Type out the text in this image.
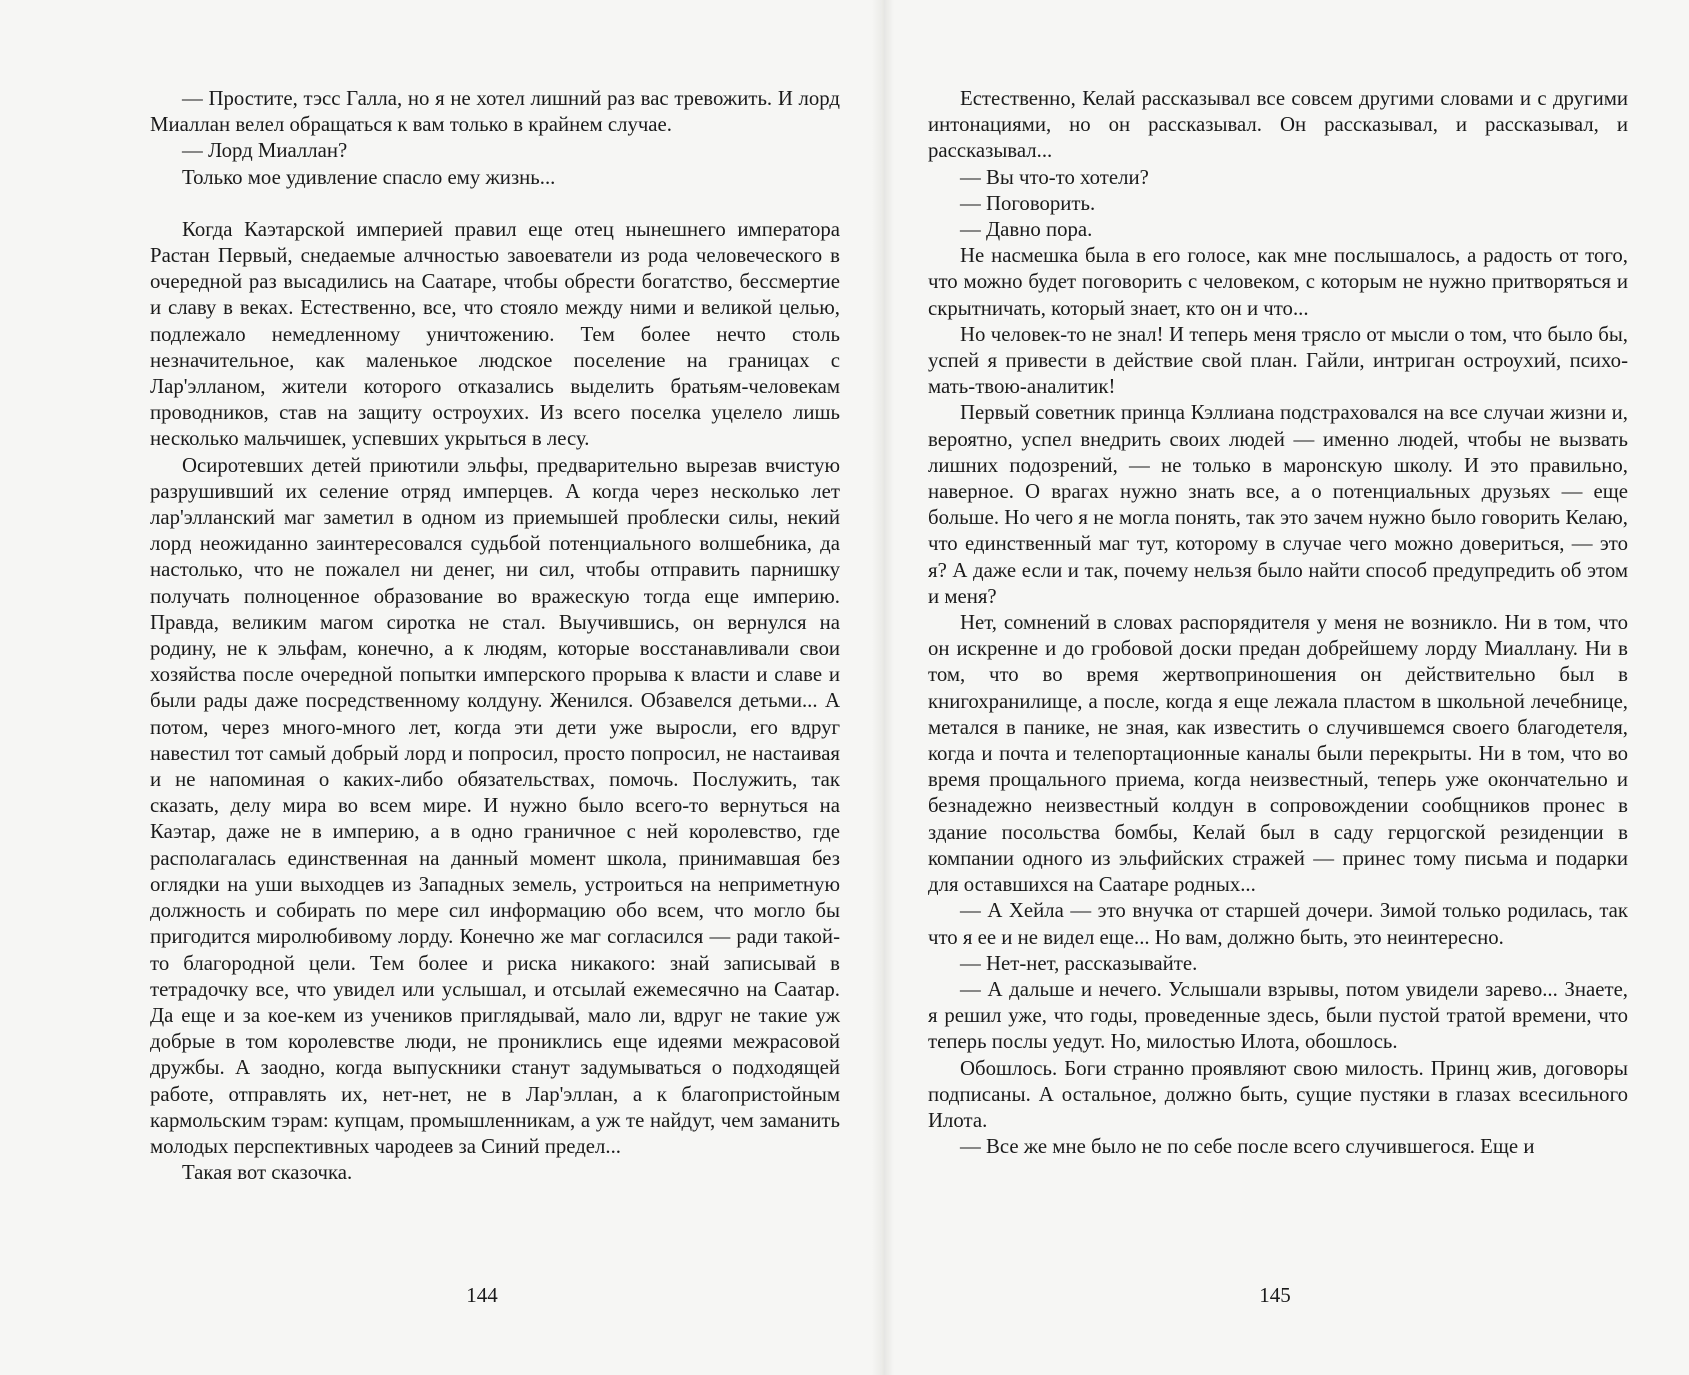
— Простите, тэсс Галла, но я не хотел лишний раз вас тревожить. И лорд Миаллан велел обращаться к вам только в крайнем случае.

— Лорд Миаллан?

Только мое удивление спасло ему жизнь...

Когда Каэтарской империей правил еще отец нынешнего императора Растан Первый, снедаемые алчностью завоеватели из рода человеческого в очередной раз высадились на Саатаре, чтобы обрести богатство, бессмертие и славу в веках. Естественно, все, что стояло между ними и великой целью, подлежало немедленному уничтожению. Тем более нечто столь незначительное, как маленькое людское поселение на границах с Лар'элланом, жители которого отказались выделить братьям-человекам проводников, став на защиту остроухих. Из всего поселка уцелело лишь несколько мальчишек, успевших укрыться в лесу.

Осиротевших детей приютили эльфы, предварительно вырезав вчистую разрушивший их селение отряд имперцев. А когда через несколько лет лар'элланский маг заметил в одном из приемышей проблески силы, некий лорд неожиданно заинтересовался судьбой потенциального волшебника, да настолько, что не пожалел ни денег, ни сил, чтобы отправить парнишку получать полноценное образование во вражескую тогда еще империю. Правда, великим магом сиротка не стал. Выучившись, он вернулся на родину, не к эльфам, конечно, а к людям, которые восстанавливали свои хозяйства после очередной попытки имперского прорыва к власти и славе и были рады даже посредственному колдуну. Женился. Обзавелся детьми... А потом, через много-много лет, когда эти дети уже выросли, его вдруг навестил тот самый добрый лорд и попросил, просто попросил, не настаивая и не напоминая о каких-либо обязательствах, помочь. Послужить, так сказать, делу мира во всем мире. И нужно было всего-то вернуться на Каэтар, даже не в империю, а в одно граничное с ней королевство, где располагалась единственная на данный момент школа, принимавшая без оглядки на уши выходцев из Западных земель, устроиться на неприметную должность и собирать по мере сил информацию обо всем, что могло бы пригодится миролюбивому лорду. Конечно же маг согласился — ради такой-то благородной цели. Тем более и риска никакого: знай записывай в тетрадочку все, что увидел или услышал, и отсылай ежемесячно на Саатар. Да еще и за кое-кем из учеников приглядывай, мало ли, вдруг не такие уж добрые в том королевстве люди, не прониклись еще идеями межрасовой дружбы. А заодно, когда выпускники станут задумываться о подходящей работе, отправлять их, нет-нет, не в Лар'эллан, а к благопристойным кармольским тэрам: купцам, промышленникам, а уж те найдут, чем заманить молодых перспективных чародеев за Синий предел...

Такая вот сказочка.

Естественно, Келай рассказывал все совсем другими словами и с другими интонациями, но он рассказывал. Он рассказывал, и рассказывал, и рассказывал...

— Вы что-то хотели?

— Поговорить.

— Давно пора.

Не насмешка была в его голосе, как мне послышалось, а радость от того, что можно будет поговорить с человеком, с которым не нужно притворяться и скрытничать, который знает, кто он и что...

Но человек-то не знал! И теперь меня трясло от мысли о том, что было бы, успей я привести в действие свой план. Гайли, интриган остроухий, психо-мать-твою-аналитик!

Первый советник принца Кэллиана подстраховался на все случаи жизни и, вероятно, успел внедрить своих людей — именно людей, чтобы не вызвать лишних подозрений, — не только в маронскую школу. И это правильно, наверное. О врагах нужно знать все, а о потенциальных друзьях — еще больше. Но чего я не могла понять, так это зачем нужно было говорить Келаю, что единственный маг тут, которому в случае чего можно довериться, — это я? А даже если и так, почему нельзя было найти способ предупредить об этом и меня?

Нет, сомнений в словах распорядителя у меня не возникло. Ни в том, что он искренне и до гробовой доски предан добрейшему лорду Миаллану. Ни в том, что во время жертвоприношения он действительно был в книгохранилище, а после, когда я еще лежала пластом в школьной лечебнице, метался в панике, не зная, как известить о случившемся своего благодетеля, когда и почта и телепортационные каналы были перекрыты. Ни в том, что во время прощального приема, когда неизвестный, теперь уже окончательно и безнадежно неизвестный колдун в сопровождении сообщников пронес в здание посольства бомбы, Келай был в саду герцогской резиденции в компании одного из эльфийских стражей — принес тому письма и подарки для оставшихся на Саатаре родных...

— А Хейла — это внучка от старшей дочери. Зимой только родилась, так что я ее и не видел еще... Но вам, должно быть, это неинтересно.

— Нет-нет, рассказывайте.

— А дальше и нечего. Услышали взрывы, потом увидели зарево... Знаете, я решил уже, что годы, проведенные здесь, были пустой тратой времени, что теперь послы уедут. Но, милостью Илота, обошлось.

Обошлось. Боги странно проявляют свою милость. Принц жив, договоры подписаны. А остальное, должно быть, сущие пустяки в глазах всесильного Илота.

— Все же мне было не по себе после всего случившегося. Еще и

144	145
